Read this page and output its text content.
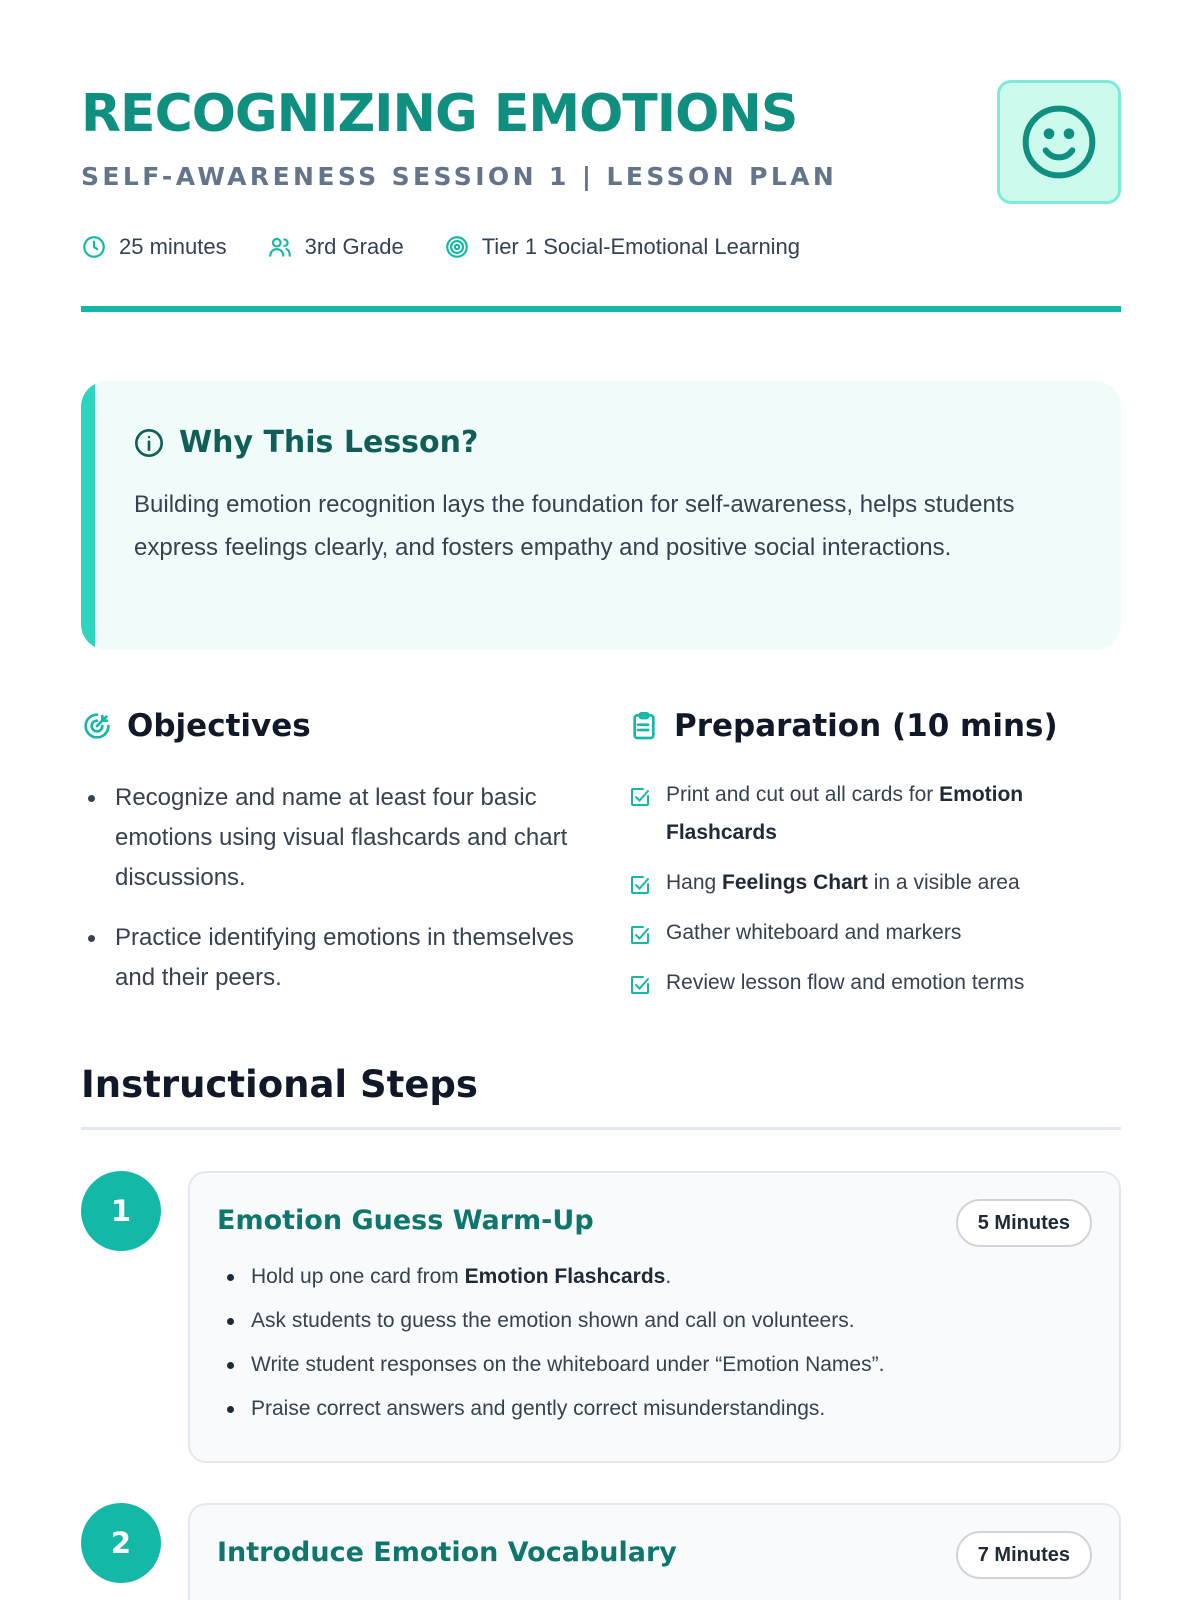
RECOGNIZING EMOTIONS
SELF-AWARENESS SESSION 1 | LESSON PLAN
25 minutes	3rd Grade	Tier 1 Social-Emotional Learning
Why This Lesson?
Building emotion recognition lays the foundation for self-awareness, helps students express feelings clearly, and fosters empathy and positive social interactions.
Objectives
Recognize and name at least four basic emotions using visual flashcards and chart discussions.
Practice identifying emotions in themselves and their peers.
Preparation (10 mins)
Print and cut out all cards for Emotion Flashcards
Hang Feelings Chart in a visible area
Gather whiteboard and markers
Review lesson flow and emotion terms
Instructional Steps
1	Emotion Guess Warm-Up	5 Minutes
Hold up one card from Emotion Flashcards.
Ask students to guess the emotion shown and call on volunteers.
Write student responses on the whiteboard under “Emotion Names”.
Praise correct answers and gently correct misunderstandings.
2	Introduce Emotion Vocabulary	7 Minutes
